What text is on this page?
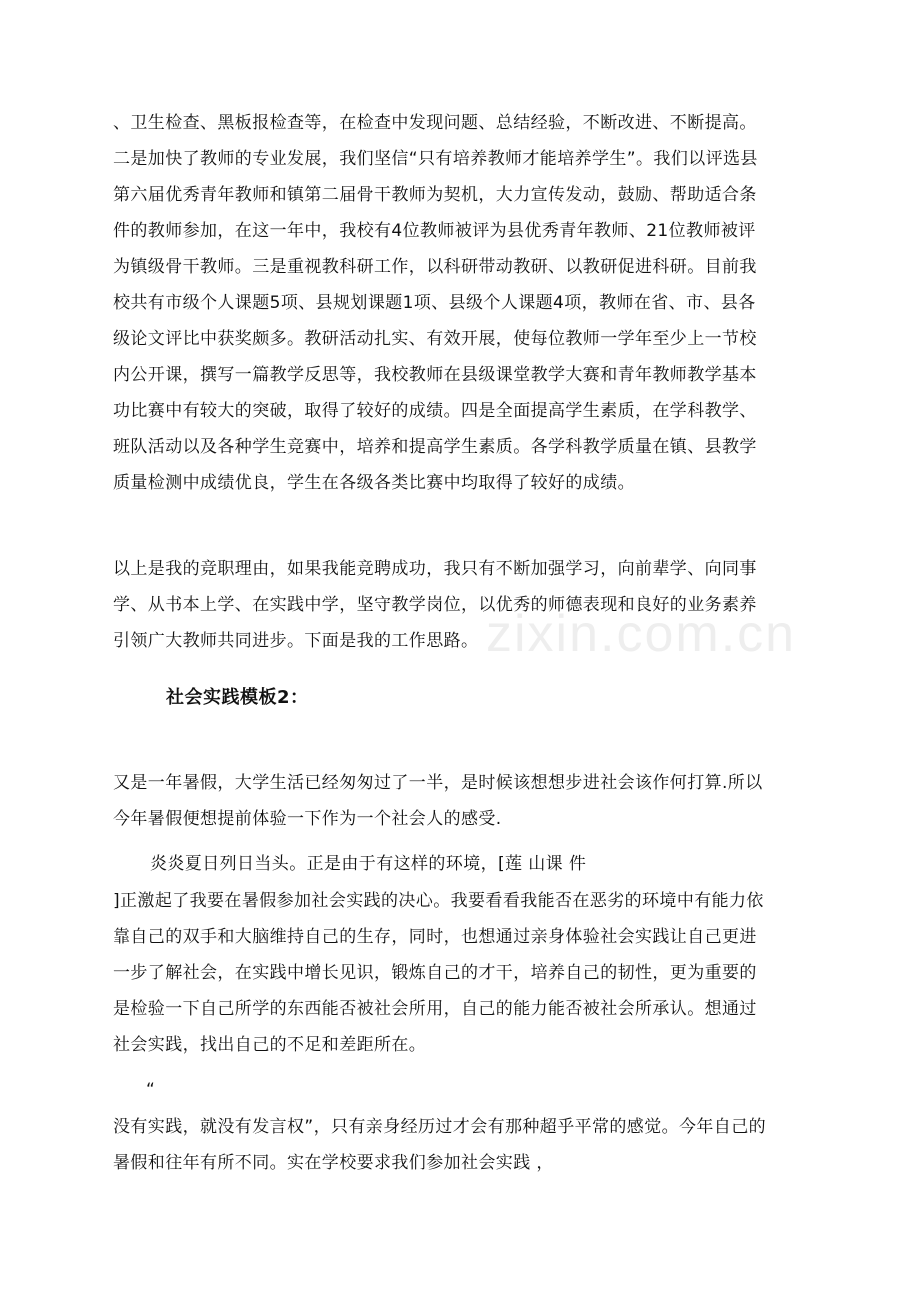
、卫生检查、黑板报检查等，在检查中发现问题、总结经验，不断改进、不断提高。
二是加快了教师的专业发展，我们坚信“只有培养教师才能培养学生”。我们以评选县
第六届优秀青年教师和镇第二届骨干教师为契机，大力宣传发动，鼓励、帮助适合条
件的教师参加，在这一年中，我校有4位教师被评为县优秀青年教师、21位教师被评
为镇级骨干教师。三是重视教科研工作，以科研带动教研、以教研促进科研。目前我
校共有市级个人课题5项、县规划课题1项、县级个人课题4项，教师在省、市、县各
级论文评比中获奖颇多。教研活动扎实、有效开展，使每位教师一学年至少上一节校
内公开课，撰写一篇教学反思等，我校教师在县级课堂教学大赛和青年教师教学基本
功比赛中有较大的突破，取得了较好的成绩。四是全面提高学生素质，在学科教学、
班队活动以及各种学生竞赛中，培养和提高学生素质。各学科教学质量在镇、县教学
质量检测中成绩优良，学生在各级各类比赛中均取得了较好的成绩。
以上是我的竞职理由，如果我能竞聘成功，我只有不断加强学习，向前辈学、向同事
学、从书本上学、在实践中学，坚守教学岗位，以优秀的师德表现和良好的业务素养
引领广大教师共同进步。下面是我的工作思路。
社会实践模板2：
又是一年暑假，大学生活已经匆匆过了一半，是时候该想想步进社会该作何打算.所以
今年暑假便想提前体验一下作为一个社会人的感受.
炎炎夏日列日当头。正是由于有这样的环境，[莲 山课 件
]正激起了我要在暑假参加社会实践的决心。我要看看我能否在恶劣的环境中有能力依
靠自己的双手和大脑维持自己的生存，同时，也想通过亲身体验社会实践让自己更进
一步了解社会，在实践中增长见识，锻炼自己的才干，培养自己的韧性，更为重要的
是检验一下自己所学的东西能否被社会所用，自己的能力能否被社会所承认。想通过
社会实践，找出自己的不足和差距所在。
“
没有实践，就没有发言权”，只有亲身经历过才会有那种超乎平常的感觉。今年自己的
暑假和往年有所不同。实在学校要求我们参加社会实践 ，
zixin.com.cn
